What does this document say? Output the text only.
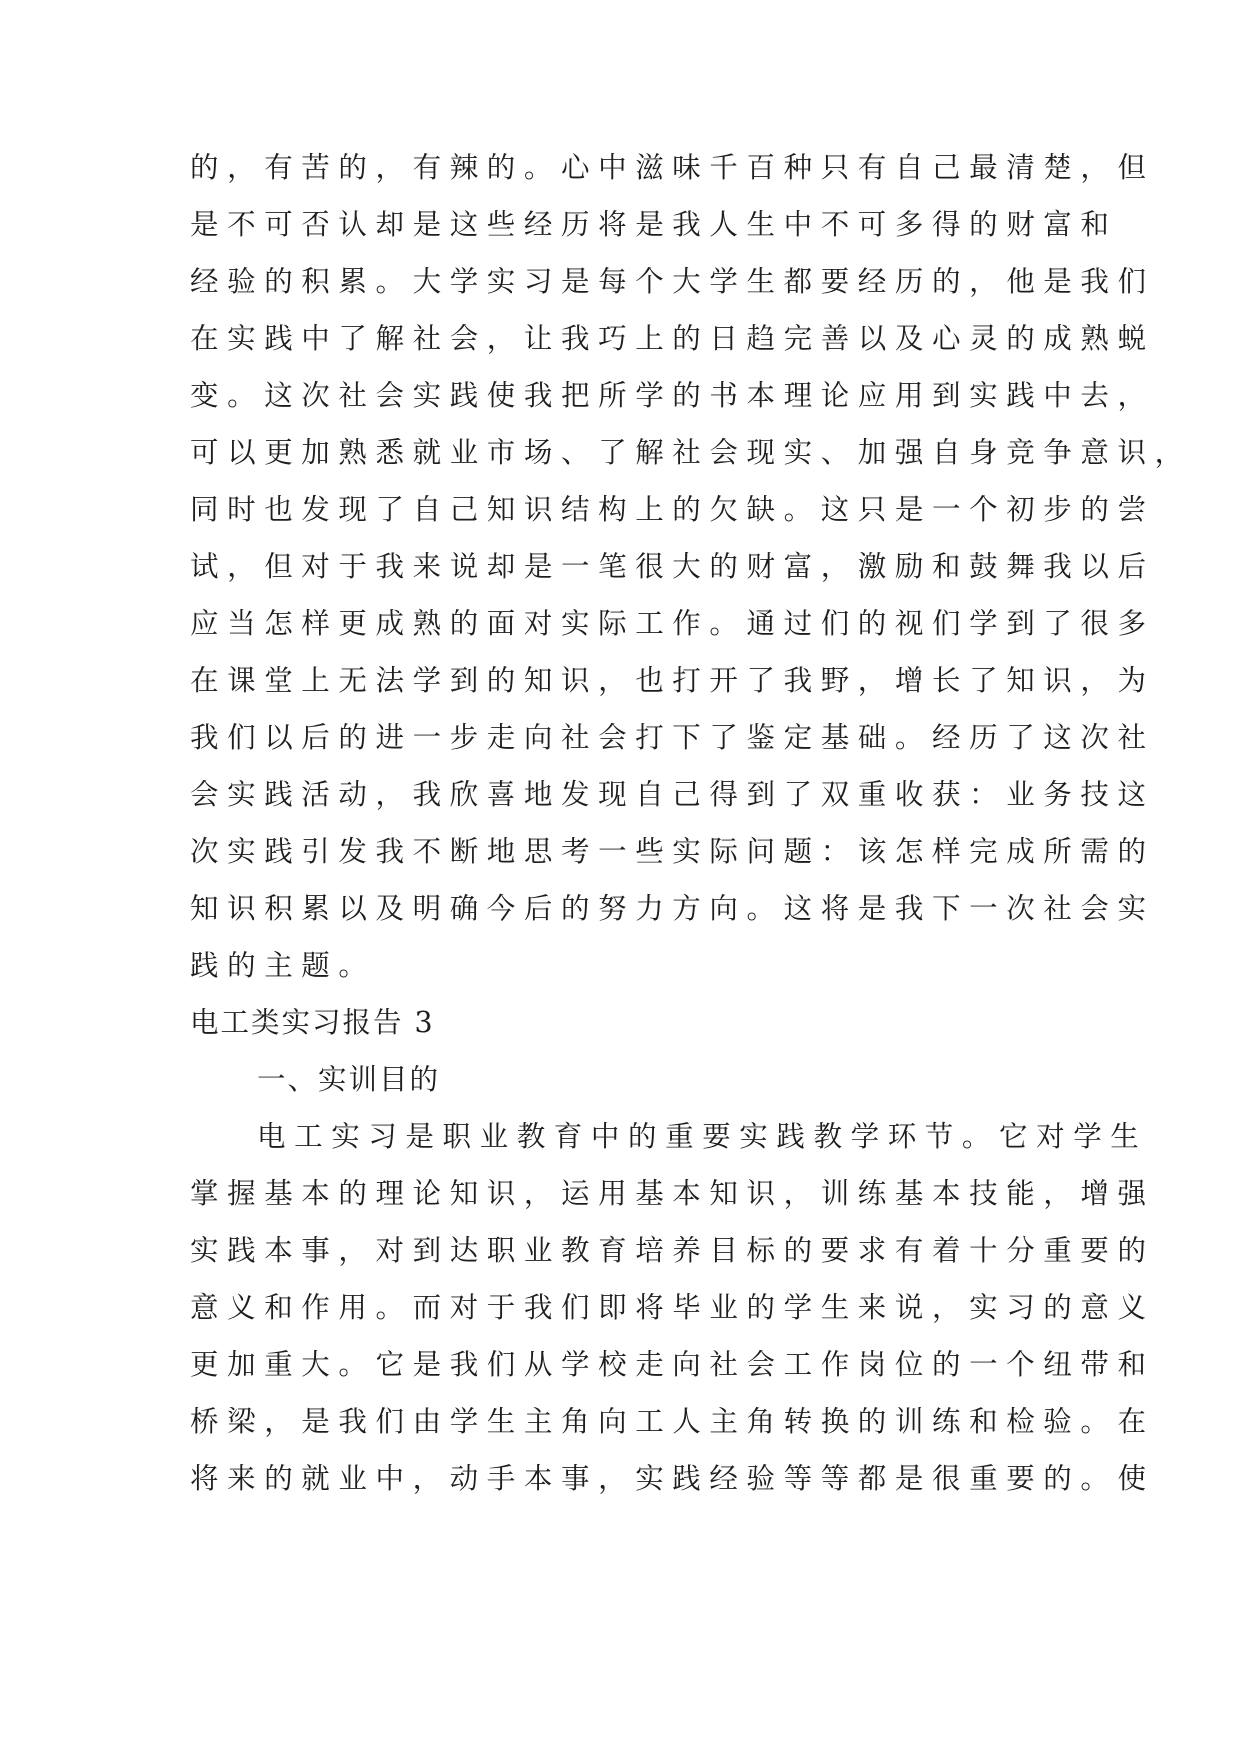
的，有苦的，有辣的。心中滋味千百种只有自己最清楚，但
是不可否认却是这些经历将是我人生中不可多得的财富和
经验的积累。大学实习是每个大学生都要经历的，他是我们
在实践中了解社会，让我巧上的日趋完善以及心灵的成熟蜕
变。这次社会实践使我把所学的书本理论应用到实践中去，
可以更加熟悉就业市场、了解社会现实、加强自身竞争意识，
同时也发现了自己知识结构上的欠缺。这只是一个初步的尝
试，但对于我来说却是一笔很大的财富，激励和鼓舞我以后
应当怎样更成熟的面对实际工作。通过们的视们学到了很多
在课堂上无法学到的知识，也打开了我野，增长了知识，为
我们以后的进一步走向社会打下了鉴定基础。经历了这次社
会实践活动，我欣喜地发现自己得到了双重收获：业务技这
次实践引发我不断地思考一些实际问题：该怎样完成所需的
知识积累以及明确今后的努力方向。这将是我下一次社会实
践的主题。
电工类实习报告 3
一、实训目的
电工实习是职业教育中的重要实践教学环节。它对学生
掌握基本的理论知识，运用基本知识，训练基本技能，增强
实践本事，对到达职业教育培养目标的要求有着十分重要的
意义和作用。而对于我们即将毕业的学生来说，实习的意义
更加重大。它是我们从学校走向社会工作岗位的一个纽带和
桥梁，是我们由学生主角向工人主角转换的训练和检验。在
将来的就业中，动手本事，实践经验等等都是很重要的。使
